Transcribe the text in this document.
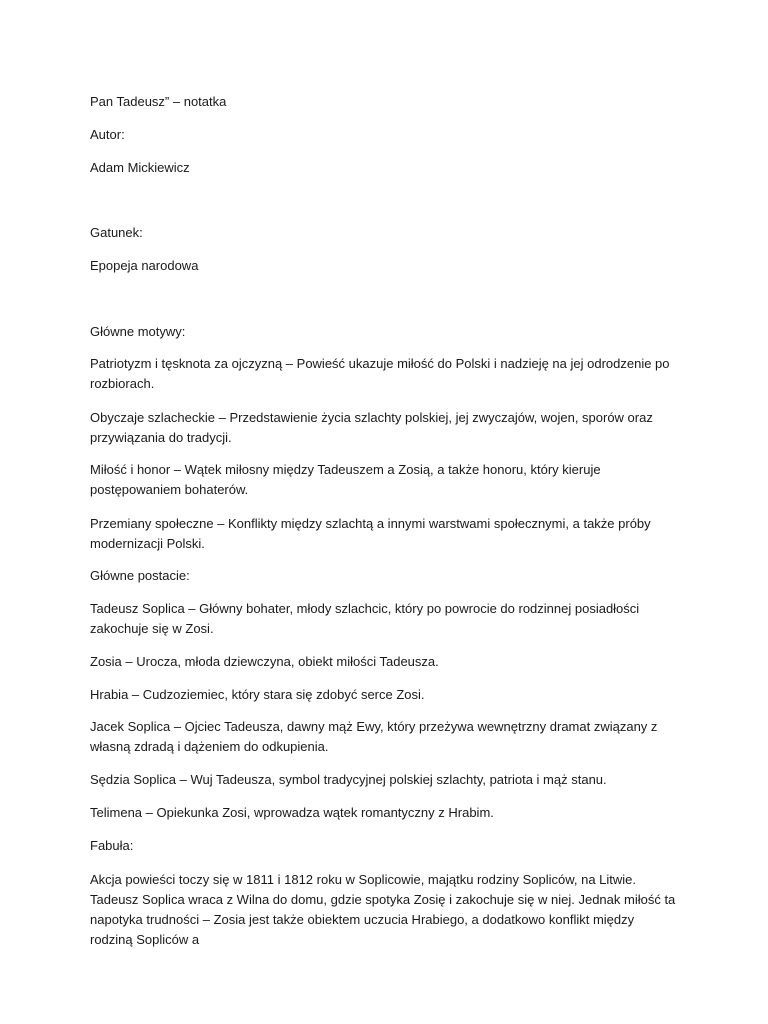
Pan Tadeusz” – notatka

Autor:

Adam Mickiewicz

Gatunek:

Epopeja narodowa

Główne motywy:

Patriotyzm i tęsknota za ojczyzną – Powieść ukazuje miłość do Polski i nadzieję na jej odrodzenie po rozbiorach.

Obyczaje szlacheckie – Przedstawienie życia szlachty polskiej, jej zwyczajów, wojen, sporów oraz przywiązania do tradycji.

Miłość i honor – Wątek miłosny między Tadeuszem a Zosią, a także honoru, który kieruje postępowaniem bohaterów.

Przemiany społeczne – Konflikty między szlachtą a innymi warstwami społecznymi, a także próby modernizacji Polski.

Główne postacie:

Tadeusz Soplica – Główny bohater, młody szlachcic, który po powrocie do rodzinnej posiadłości zakochuje się w Zosi.

Zosia – Urocza, młoda dziewczyna, obiekt miłości Tadeusza.

Hrabia – Cudzoziemiec, który stara się zdobyć serce Zosi.

Jacek Soplica – Ojciec Tadeusza, dawny mąż Ewy, który przeżywa wewnętrzny dramat związany z własną zdradą i dążeniem do odkupienia.

Sędzia Soplica – Wuj Tadeusza, symbol tradycyjnej polskiej szlachty, patriota i mąż stanu.

Telimena – Opiekunka Zosi, wprowadza wątek romantyczny z Hrabim.

Fabuła:

Akcja powieści toczy się w 1811 i 1812 roku w Soplicowie, majątku rodziny Sopliców, na Litwie. Tadeusz Soplica wraca z Wilna do domu, gdzie spotyka Zosię i zakochuje się w niej. Jednak miłość ta napotyka trudności – Zosia jest także obiektem uczucia Hrabiego, a dodatkowo konflikt między rodziną Sopliców a
